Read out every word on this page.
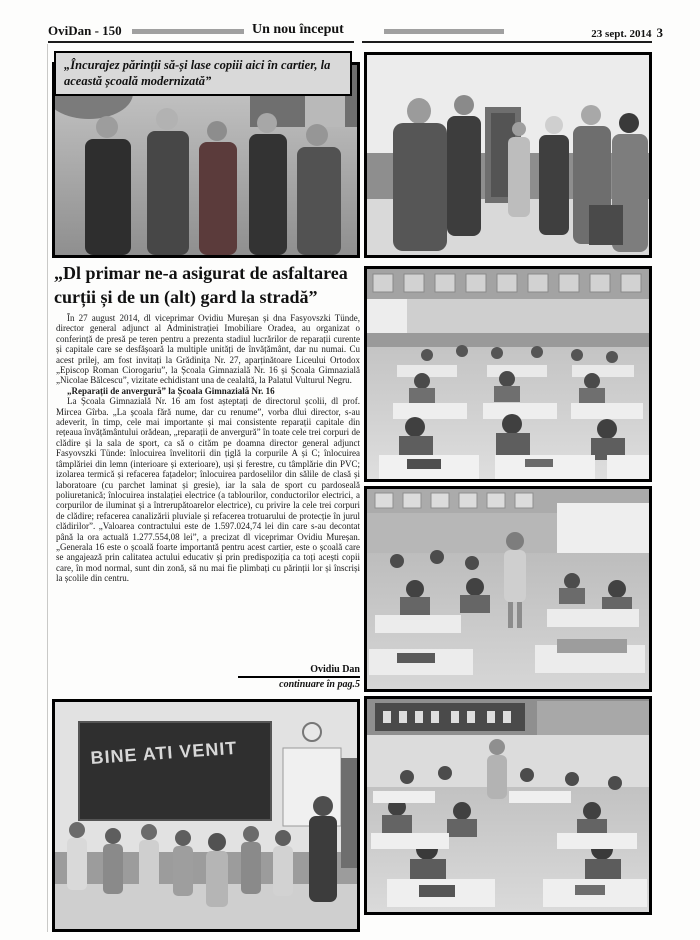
OviDan - 150	Un nou început	23 sept. 2014 3
„Încurajez părinții să-și lase copiii aici în cartier, la această școală modernizată”
„Dl primar ne-a asigurat de asfaltarea curții și de un (alt) gard la stradă”

În 27 august 2014, dl viceprimar Ovidiu Mureșan și dna Fasyovszki Tünde, director general adjunct al Administrației Imobiliare Oradea, au organizat o conferință de presă pe teren pentru a prezenta stadiul lucrărilor de reparații curente și capitale care se desfășoară la multiple unități de învățământ, dar nu numai. Cu acest prilej, am fost invitați la Grădinița Nr. 27, aparținătoare Liceului Ortodox „Episcop Roman Ciorogariu”, la Școala Gimnazială Nr. 16 și Școala Gimnazială „Nicolae Bălcescu”, vizitate echidistant una de cealaltă, la Palatul Vulturul Negru.

„Reparații de anvergură” la Școala Gimnazială Nr. 16

La Școala Gimnazială Nr. 16 am fost așteptați de directorul școlii, dl prof. Mircea Gîrba. „La școala fără nume, dar cu renume”, vorba dlui director, s-au adeverit, în timp, cele mai importante și mai consistente reparații capitale din rețeaua învățământului orădean, „reparații de anvergură” în toate cele trei corpuri de clădire și la sala de sport, ca să o cităm pe doamna director general adjunct Fasyovszki Tünde: înlocuirea învelitorii din țiglă la corpurile A și C; înlocuirea tâmplăriei din lemn (interioare și exterioare), uși și ferestre, cu tâmplărie din PVC; izolarea termică și refacerea fațadelor; înlocuirea pardoselilor din sălile de clasă și laboratoare (cu parchet laminat și gresie), iar la sala de sport cu pardoseală poliuretanică; înlocuirea instalației electrice (a tablourilor, conductorilor electrici, a corpurilor de iluminat și a întrerupătoarelor electrice), cu privire la cele trei corpuri de clădire; refacerea canalizării pluviale și refacerea trotuarului de protecție în jurul clădirilor”. „Valoarea contractului este de 1.597.024,74 lei din care s-au decontat până la ora actuală 1.277.554,08 lei”, a precizat dl viceprimar Ovidiu Mureșan. „Generala 16 este o școală foarte importantă pentru acest cartier, este o școală care se angajează prin calitatea actului educativ și prin predispoziția ca toți acești copii care, în mod normal, sunt din zonă, să nu mai fie plimbați cu părinții lor și înscriși la școlile din centru.

Ovidiu Dan
continuare în pag.5
BINE ATI VENIT
